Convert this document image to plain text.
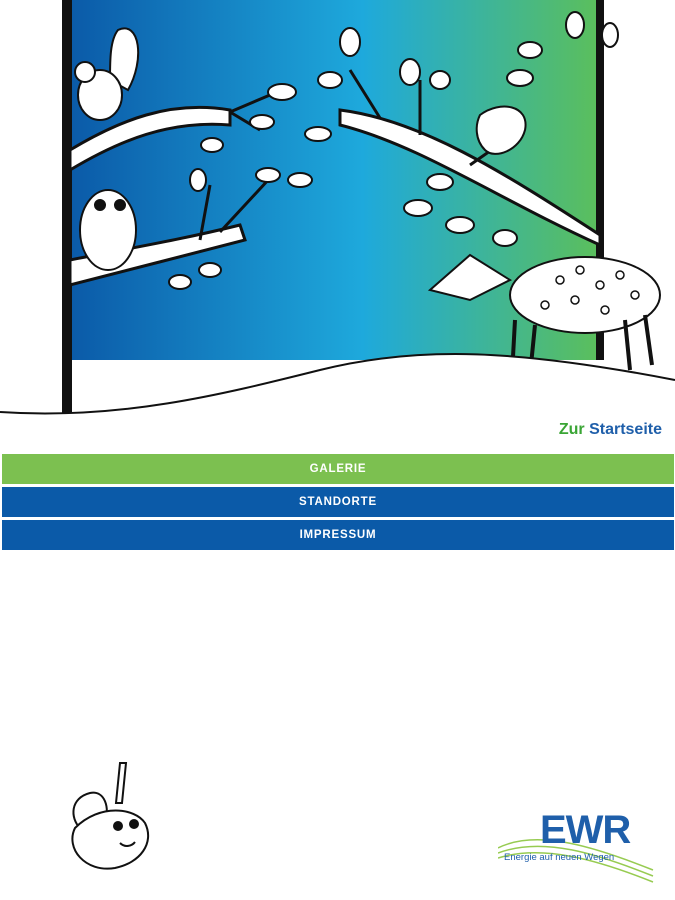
Zur Startseite
GALERIE
STANDORTE
IMPRESSUM
EWR
Energie auf neuen Wegen
